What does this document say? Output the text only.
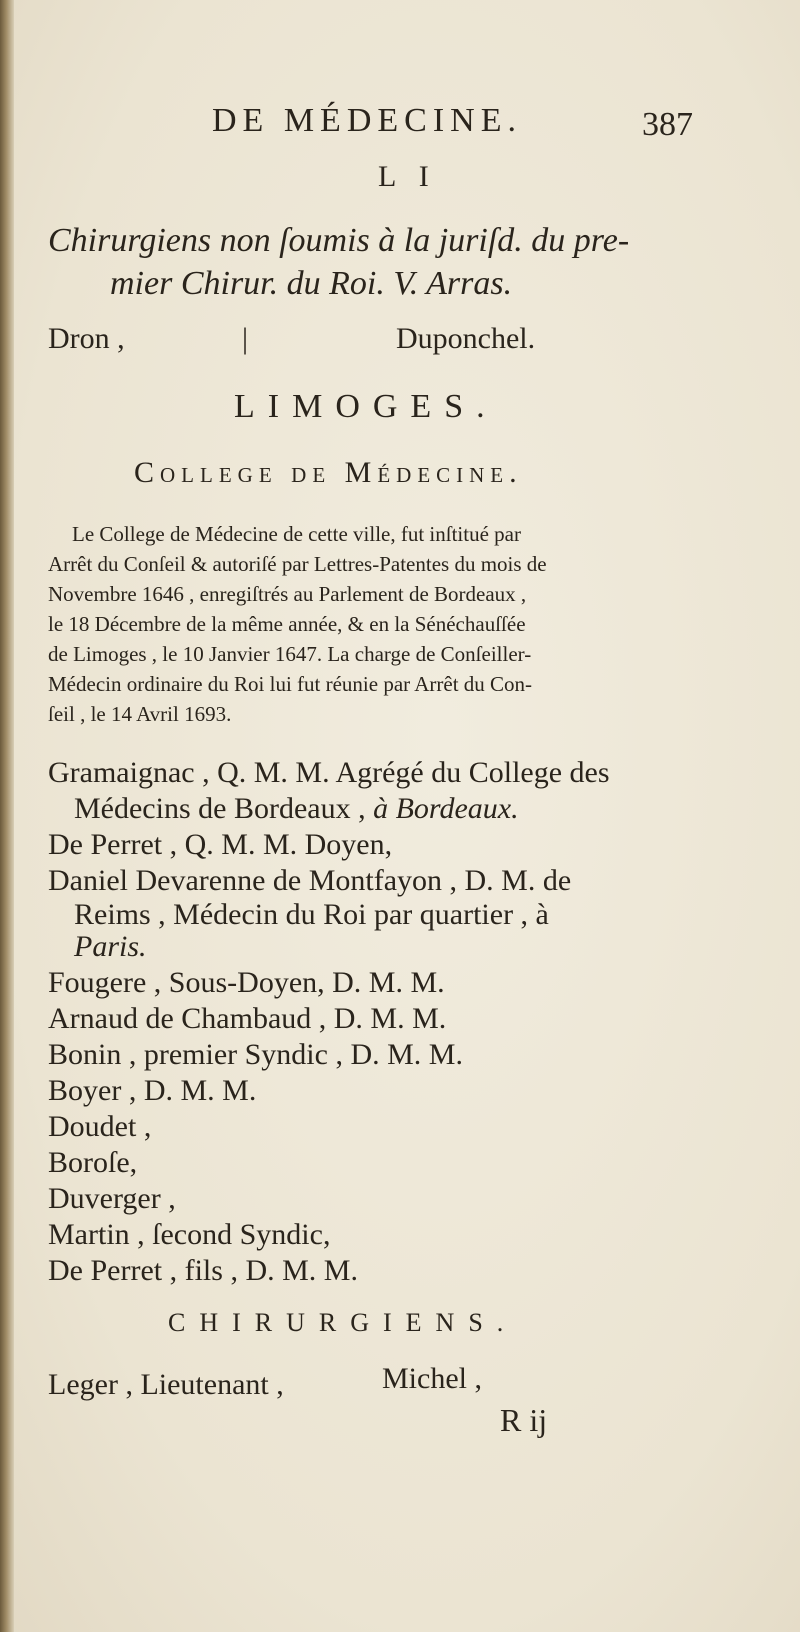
DE MÉDECINE.	387
L I
Chirurgiens non ſoumis à la juriſd. du pre-
mier Chirur. du Roi. V. Arras.
Dron ,	|	Duponchel.
LIMOGES.
College de Médecine.
Le College de Médecine de cette ville, fut inſtitué par
Arrêt du Conſeil & autoriſé par Lettres-Patentes du mois de
Novembre 1646 , enregiſtrés au Parlement de Bordeaux ,
le 18 Décembre de la même année, & en la Sénéchauſſée
de Limoges , le 10 Janvier 1647. La charge de Conſeiller-
Médecin ordinaire du Roi lui fut réunie par Arrêt du Con-
ſeil , le 14 Avril 1693.
Gramaignac , Q. M. M. Agrégé du College des
Médecins de Bordeaux , à Bordeaux.
De Perret , Q. M. M. Doyen,
Daniel Devarenne de Montfayon , D. M. de
Reims , Médecin du Roi par quartier , à
Paris.
Fougere , Sous-Doyen, D. M. M.
Arnaud de Chambaud , D. M. M.
Bonin , premier Syndic , D. M. M.
Boyer , D. M. M.
Doudet ,
Boroſe,
Duverger ,
Martin , ſecond Syndic,
De Perret , fils , D. M. M.
CHIRURGIENS.
Leger , Lieutenant ,	Michel ,
R ij
